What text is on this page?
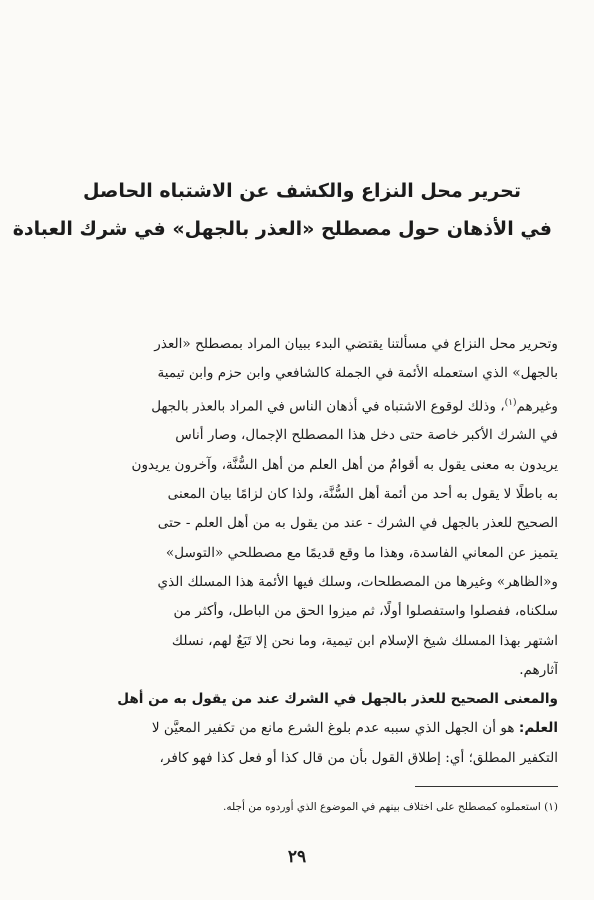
تحرير محل النزاع والكشف عن الاشتباه الحاصل
في الأذهان حول مصطلح «العذر بالجهل» في شرك العبادة
وتحرير محل النزاع في مسألتنا يقتضي البدء ببيان المراد بمصطلح «العذر
بالجهل» الذي استعمله الأئمة في الجملة كالشافعي وابن حزم وابن تيمية
وغيرهم$^{(١)}$، وذلك لوقوع الاشتباه في أذهان الناس في المراد بالعذر بالجهل
في الشرك الأكبر خاصة حتى دخل هذا المصطلح الإجمال، وصار أناس
يريدون به معنى يقول به أقوامٌ من أهل العلم من أهل السُّنَّة، وآخرون يريدون
به باطلًا لا يقول به أحد من أئمة أهل السُّنَّة، ولذا كان لزامًا بيان المعنى
الصحيح للعذر بالجهل في الشرك - عند من يقول به من أهل العلم - حتى
يتميز عن المعاني الفاسدة، وهذا ما وقع قديمًا مع مصطلحي «التوسل»
و«الظاهر» وغيرها من المصطلحات، وسلك فيها الأئمة هذا المسلك الذي
سلكناه، ففصلوا واستفصلوا أولًا، ثم ميزوا الحق من الباطل، وأكثر من
اشتهر بهذا المسلك شيخ الإسلام ابن تيمية، وما نحن إلا تَبَعٌ لهم، نسلك
آثارهم.
والمعنى الصحيح للعذر بالجهل في الشرك عند من يقول به من أهل
العلم: هو أن الجهل الذي سببه عدم بلوغ الشرع مانع من تكفير المعيَّن لا
التكفير المطلق؛ أي: إطلاق القول بأن من قال كذا أو فعل كذا فهو كافر،
(١) استعملوه كمصطلح على اختلاف بينهم في الموضوع الذي أوردوه من أجله.
٢٩
